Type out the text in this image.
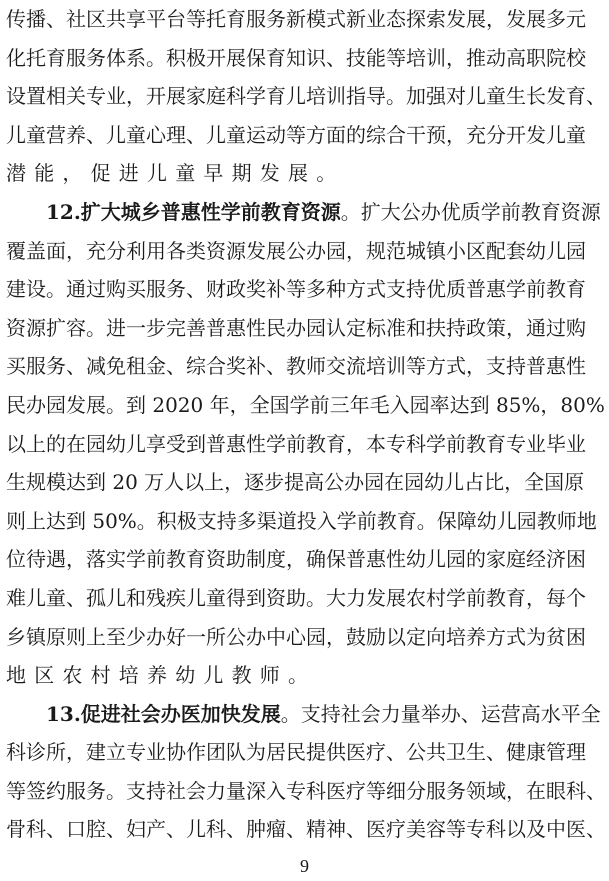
传播、社区共享平台等托育服务新模式新业态探索发展，发展多元
化托育服务体系。积极开展保育知识、技能等培训，推动高职院校
设置相关专业，开展家庭科学育儿培训指导。加强对儿童生长发育、
儿童营养、儿童心理、儿童运动等方面的综合干预，充分开发儿童
潜能，促进儿童早期发展。
12.扩大城乡普惠性学前教育资源。扩大公办优质学前教育资源
覆盖面，充分利用各类资源发展公办园，规范城镇小区配套幼儿园
建设。通过购买服务、财政奖补等多种方式支持优质普惠学前教育
资源扩容。进一步完善普惠性民办园认定标准和扶持政策，通过购
买服务、减免租金、综合奖补、教师交流培训等方式，支持普惠性
民办园发展。到 2020 年，全国学前三年毛入园率达到 85%，80%
以上的在园幼儿享受到普惠性学前教育，本专科学前教育专业毕业
生规模达到 20 万人以上，逐步提高公办园在园幼儿占比，全国原
则上达到 50%。积极支持多渠道投入学前教育。保障幼儿园教师地
位待遇，落实学前教育资助制度，确保普惠性幼儿园的家庭经济困
难儿童、孤儿和残疾儿童得到资助。大力发展农村学前教育，每个
乡镇原则上至少办好一所公办中心园，鼓励以定向培养方式为贫困
地区农村培养幼儿教师。
13.促进社会办医加快发展。支持社会力量举办、运营高水平全
科诊所，建立专业协作团队为居民提供医疗、公共卫生、健康管理
等签约服务。支持社会力量深入专科医疗等细分服务领域，在眼科、
骨科、口腔、妇产、儿科、肿瘤、精神、医疗美容等专科以及中医、
9
